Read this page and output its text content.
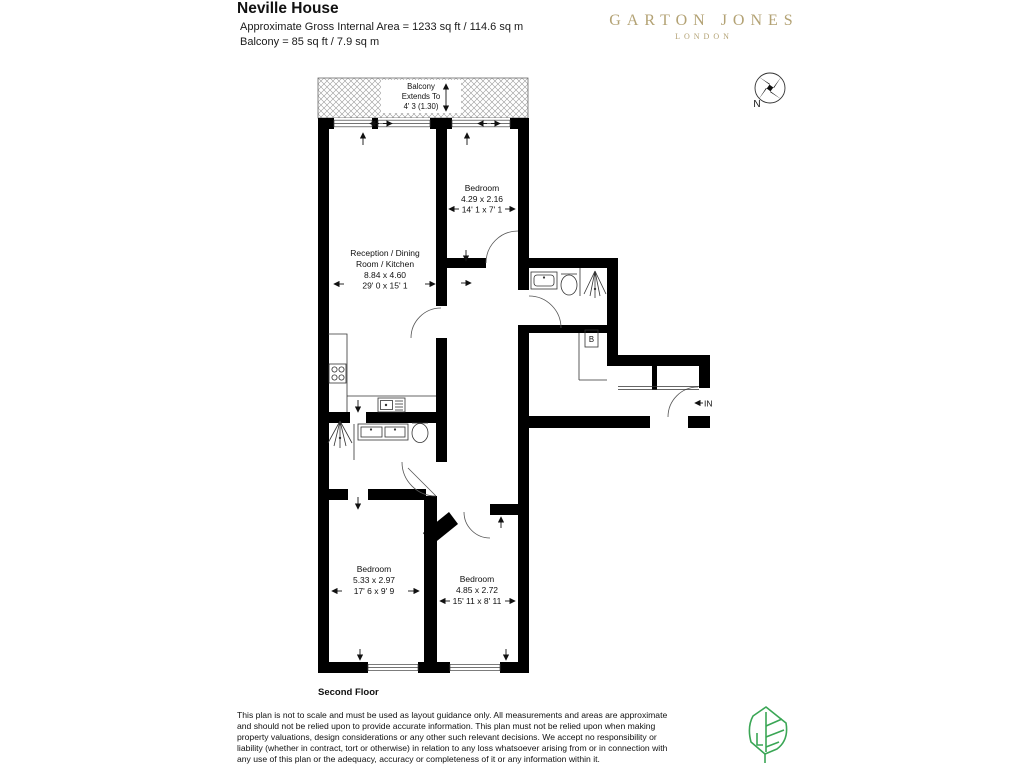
Neville House
Approximate Gross Internal Area = 1233 sq ft / 114.6 sq m
Balcony = 85 sq ft / 7.9 sq m
GARTON JONES
LONDON
Balcony
Extends To
4' 3 (1.30)
B
IN
Bedroom
4.29 x 2.16
14' 1 x 7' 1
Reception / Dining
Room / Kitchen
8.84 x 4.60
29' 0 x 15' 1
Bedroom
5.33 x 2.97
17' 6 x 9' 9
Bedroom
4.85 x 2.72
15' 11 x 8' 11
Second Floor
N
This plan is not to scale and must be used as layout guidance only. All measurements and areas are approximate
and should not be relied upon to provide accurate information. This plan must not be relied upon when making
property valuations, design considerations or any other such relevant decisions. We accept no responsibility or
liability (whether in contract, tort or otherwise) in relation to any loss whatsoever arising from or in connection with
any use of this plan or the adequacy, accuracy or completeness of it or any information within it.
